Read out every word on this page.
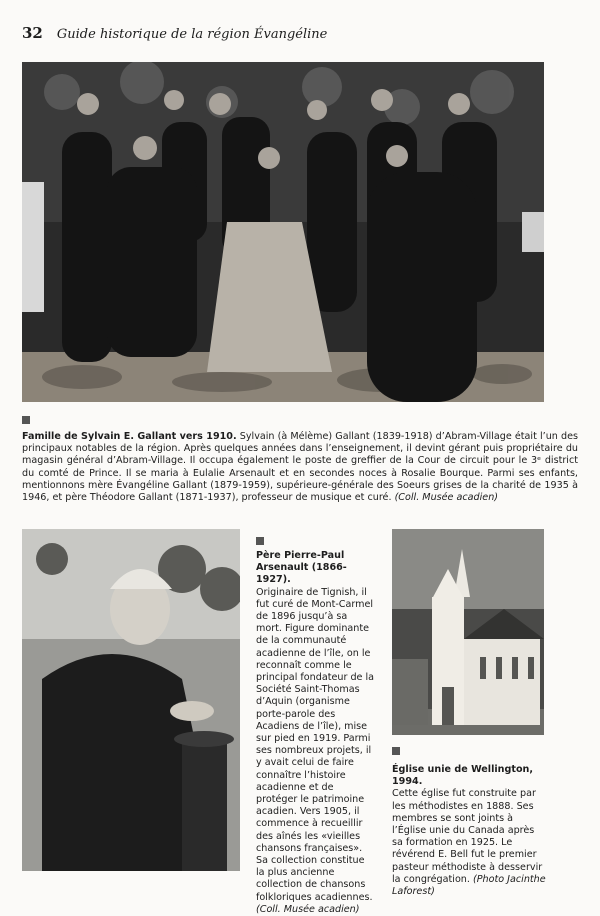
32 Guide historique de la région Évangéline
Famille de Sylvain E. Gallant vers 1910. Sylvain (à Mélème) Gallant (1839-1918) d’Abram-Village était l’un des principaux notables de la région. Après quelques années dans l’enseignement, il devint gérant puis propriétaire du magasin général d’Abram-Village. Il occupa également le poste de greffier de la Cour de circuit pour le 3ᵉ district du comté de Prince. Il se maria à Eulalie Arsenault et en secondes noces à Rosalie Bourque. Parmi ses enfants, mentionnons mère Évangéline Gallant (1879-1959), supérieure-générale des Soeurs grises de la charité de 1935 à 1946, et père Théodore Gallant (1871-1937), professeur de musique et curé. (Coll. Musée acadien)
Père Pierre-Paul Arsenault (1866-1927).
Originaire de Tignish, il fut curé de Mont-Carmel de 1896 jusqu’à sa mort. Figure dominante de la communauté acadienne de l’île, on le reconnaît comme le principal fondateur de la Société Saint-Thomas d’Aquin (organisme porte-parole des Acadiens de l’île), mise sur pied en 1919. Parmi ses nombreux projets, il y avait celui de faire connaître l’histoire acadienne et de protéger le patrimoine acadien. Vers 1905, il commence à recueillir des aînés les «vieilles chansons françaises». Sa collection constitue la plus ancienne collection de chansons folkloriques acadiennes. (Coll. Musée acadien)
Église unie de Wellington, 1994.
Cette église fut construite par les méthodistes en 1888. Ses membres se sont joints à l’Église unie du Canada après sa formation en 1925. Le révérend E. Bell fut le premier pasteur méthodiste à desservir la congrégation. (Photo Jacinthe Laforest)
